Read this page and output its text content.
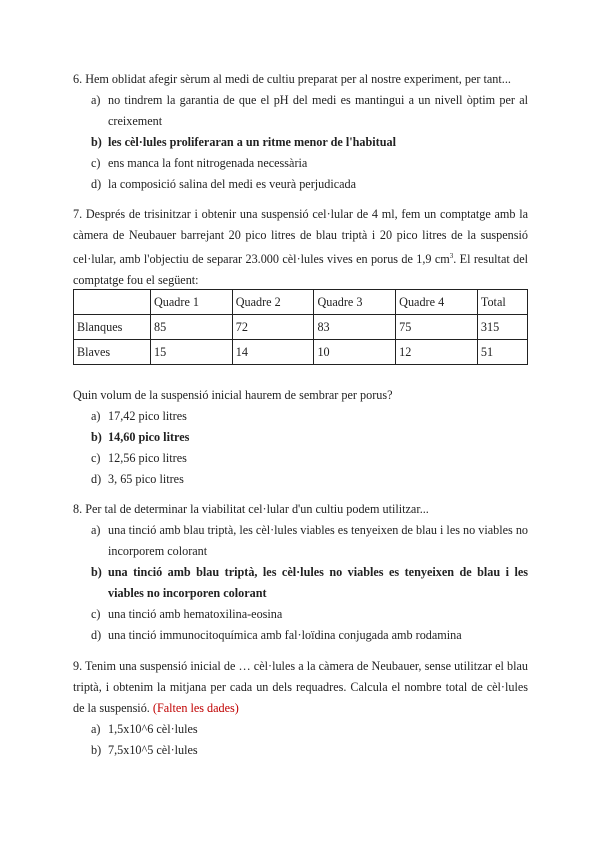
6. Hem oblidat afegir sèrum al medi de cultiu preparat per al nostre experiment, per tant...
a) no tindrem la garantia de que el pH del medi es mantingui a un nivell òptim per al creixement
b) les cèl·lules proliferaran a un ritme menor de l'habitual
c) ens manca la font nitrogenada necessària
d) la composició salina del medi es veurà perjudicada
7. Després de trisinitzar i obtenir una suspensió cel·lular de 4 ml, fem un comptatge amb la càmera de Neubauer barrejant 20 pico litres de blau triptà i 20 pico litres de la suspensió cel·lular, amb l'objectiu de separar 23.000 cèl·lules vives en porus de 1,9 $cm^3$. El resultat del comptatge fou el següent:
	Quadre 1	Quadre 2	Quadre 3	Quadre 4	Total
Blanques	85	72	83	75	315
Blaves	15	14	10	12	51
Quin volum de la suspensió inicial haurem de sembrar per porus?
a) 17,42 pico litres
b) 14,60 pico litres
c) 12,56 pico litres
d) 3, 65 pico litres
8. Per tal de determinar la viabilitat cel·lular d'un cultiu podem utilitzar...
a) una tinció amb blau triptà, les cèl·lules viables es tenyeixen de blau i les no viables no incorporem colorant
b) una tinció amb blau triptà, les cèl·lules no viables es tenyeixen de blau i les viables no incorporen colorant
c) una tinció amb hematoxilina-eosina
d) una tinció immunocitoquímica amb fal·loïdina conjugada amb rodamina
9. Tenim una suspensió inicial de … cèl·lules a la càmera de Neubauer, sense utilitzar el blau triptà, i obtenim la mitjana per cada un dels requadres. Calcula el nombre total de cèl·lules de la suspensió. (Falten les dades)
a) 1,5x10^6 cèl·lules
b) 7,5x10^5 cèl·lules
